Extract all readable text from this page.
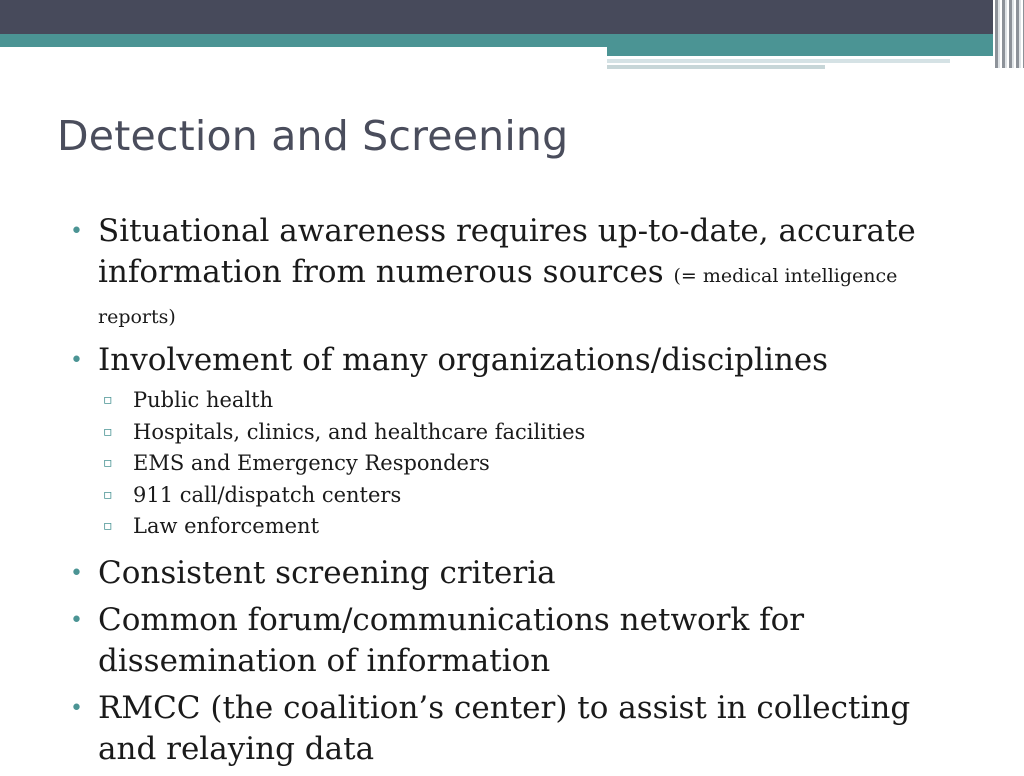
Detection and Screening
• Situational awareness requires up-to-date, accurate information from numerous sources (= medical intelligence reports)
• Involvement of many organizations/disciplines
▫ Public health
▫ Hospitals, clinics, and healthcare facilities
▫ EMS and Emergency Responders
▫ 911 call/dispatch centers
▫ Law enforcement
• Consistent screening criteria
• Common forum/communications network for dissemination of information
• RMCC (the coalition’s center) to assist in collecting and relaying data
